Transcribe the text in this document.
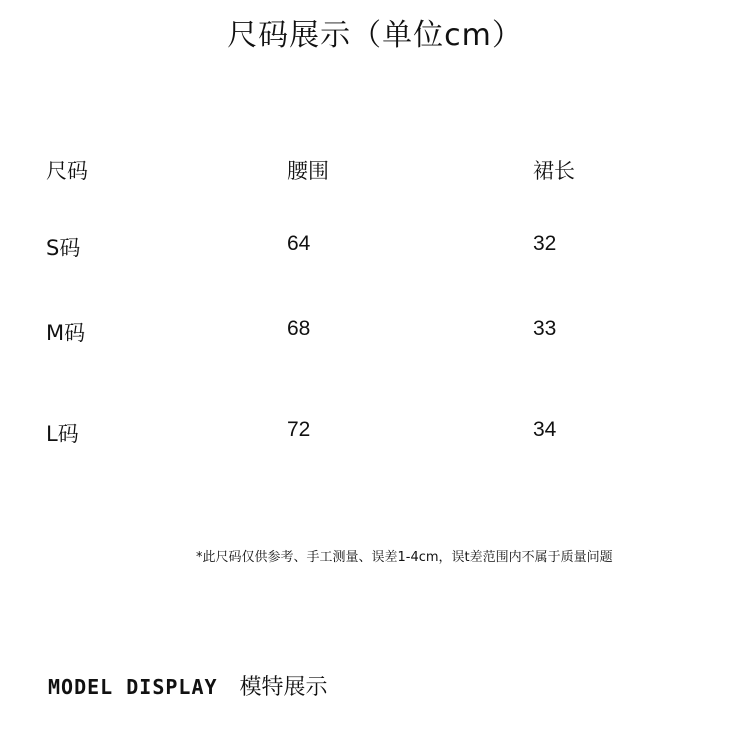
尺码展示（单位cm）
尺码	腰围	裙长
S码	64	32
M码	68	33
L码	72	34
*此尺码仅供参考、手工测量、误差1-4cm，误t差范围内不属于质量问题
MODEL DISPLAY 模特展示
